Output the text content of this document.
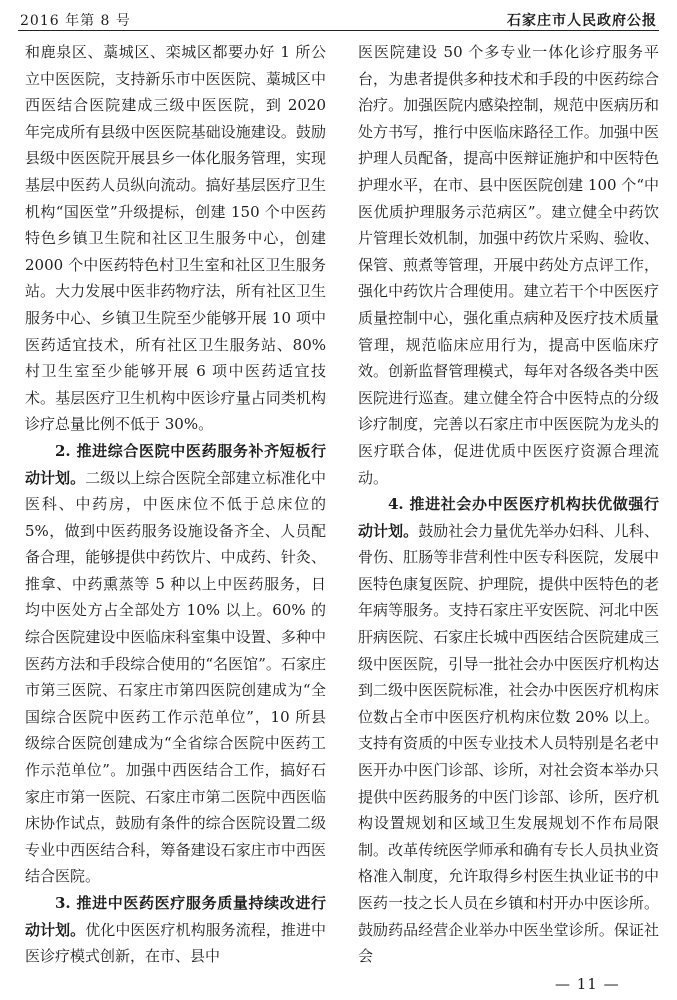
2016 年第 8 号	石家庄市人民政府公报

和鹿泉区、藁城区、栾城区都要办好 1 所公立中医医院，支持新乐市中医医院、藁城区中西医结合医院建成三级中医医院，到 2020 年完成所有县级中医医院基础设施建设。鼓励县级中医医院开展县乡一体化服务管理，实现基层中医药人员纵向流动。搞好基层医疗卫生机构“国医堂”升级提标，创建 150 个中医药特色乡镇卫生院和社区卫生服务中心，创建 2000 个中医药特色村卫生室和社区卫生服务站。大力发展中医非药物疗法，所有社区卫生服务中心、乡镇卫生院至少能够开展 10 项中医药适宜技术，所有社区卫生服务站、80% 村卫生室至少能够开展 6 项中医药适宜技术。基层医疗卫生机构中医诊疗量占同类机构诊疗总量比例不低于 30%。

2. 推进综合医院中医药服务补齐短板行动计划。二级以上综合医院全部建立标准化中医科、中药房，中医床位不低于总床位的 5%，做到中医药服务设施设备齐全、人员配备合理，能够提供中药饮片、中成药、针灸、推拿、中药熏蒸等 5 种以上中医药服务，日均中医处方占全部处方 10% 以上。60% 的综合医院建设中医临床科室集中设置、多种中医药方法和手段综合使用的“名医馆”。石家庄市第三医院、石家庄市第四医院创建成为“全国综合医院中医药工作示范单位”，10 所县级综合医院创建成为“全省综合医院中医药工作示范单位”。加强中西医结合工作，搞好石家庄市第一医院、石家庄市第二医院中西医临床协作试点，鼓励有条件的综合医院设置二级专业中西医结合科，筹备建设石家庄市中西医结合医院。

3. 推进中医药医疗服务质量持续改进行动计划。优化中医医疗机构服务流程，推进中医诊疗模式创新，在市、县中

医医院建设 50 个多专业一体化诊疗服务平台，为患者提供多种技术和手段的中医药综合治疗。加强医院内感染控制，规范中医病历和处方书写，推行中医临床路径工作。加强中医护理人员配备，提高中医辩证施护和中医特色护理水平，在市、县中医医院创建 100 个“中医优质护理服务示范病区”。建立健全中药饮片管理长效机制，加强中药饮片采购、验收、保管、煎煮等管理，开展中药处方点评工作，强化中药饮片合理使用。建立若干个中医医疗质量控制中心，强化重点病种及医疗技术质量管理，规范临床应用行为，提高中医临床疗效。创新监督管理模式，每年对各级各类中医医院进行巡查。建立健全符合中医特点的分级诊疗制度，完善以石家庄市中医医院为龙头的医疗联合体，促进优质中医医疗资源合理流动。

4. 推进社会办中医医疗机构扶优做强行动计划。鼓励社会力量优先举办妇科、儿科、骨伤、肛肠等非营利性中医专科医院，发展中医特色康复医院、护理院，提供中医特色的老年病等服务。支持石家庄平安医院、河北中医肝病医院、石家庄长城中西医结合医院建成三级中医医院，引导一批社会办中医医疗机构达到二级中医医院标准，社会办中医医疗机构床位数占全市中医医疗机构床位数 20% 以上。支持有资质的中医专业技术人员特别是名老中医开办中医门诊部、诊所，对社会资本举办只提供中医药服务的中医门诊部、诊所，医疗机构设置规划和区域卫生发展规划不作布局限制。改革传统医学师承和确有专长人员执业资格准入制度，允许取得乡村医生执业证书的中医药一技之长人员在乡镇和村开办中医诊所。鼓励药品经营企业举办中医坐堂诊所。保证社会

— 11 —
